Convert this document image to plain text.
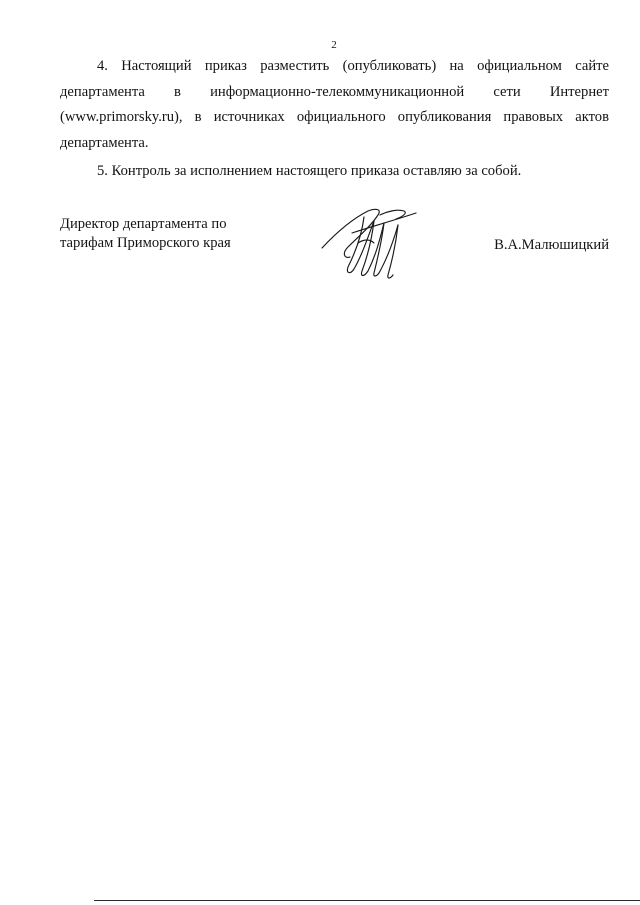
2

4. Настоящий приказ разместить (опубликовать) на официальном сайте департамента в информационно-телекоммуникационной сети Интернет (www.primorsky.ru), в источниках официального опубликования правовых актов департамента.

5. Контроль за исполнением настоящего приказа оставляю за собой.

Директор департамента по
тарифам Приморского края	В.А.Малюшицкий
